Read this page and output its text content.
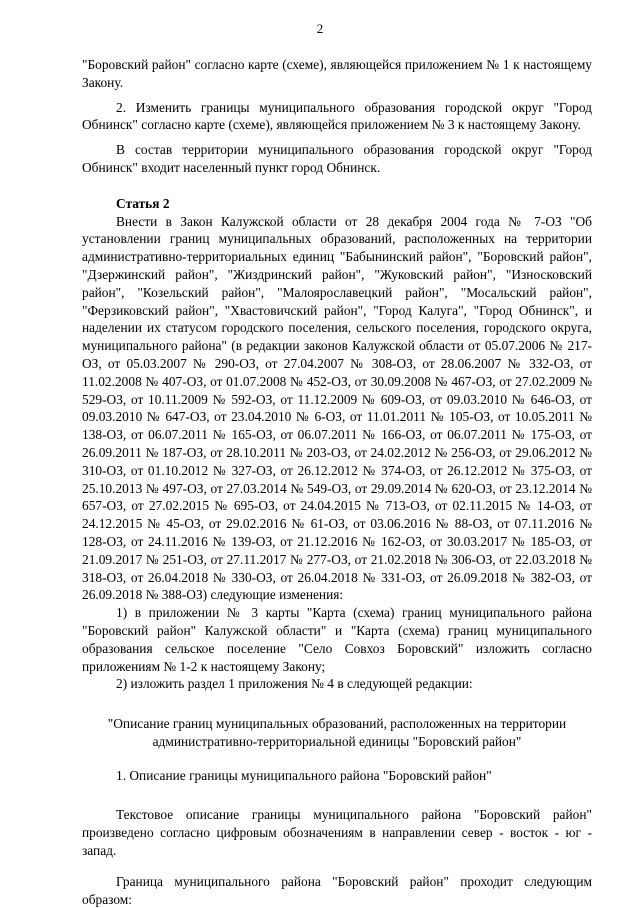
2

"Боровский район" согласно карте (схеме), являющейся приложением № 1 к настоящему Закону.

2. Изменить границы муниципального образования городской округ "Город Обнинск" согласно карте (схеме), являющейся приложением № 3 к настоящему Закону.

В состав территории муниципального образования городской округ "Город Обнинск" входит населенный пункт город Обнинск.

Статья 2

Внести в Закон Калужской области от 28 декабря 2004 года № 7-ОЗ "Об установлении границ муниципальных образований, расположенных на территории административно-территориальных единиц "Бабынинский район", "Боровский район", "Дзержинский район", "Жиздринский район", "Жуковский район", "Износковский район", "Козельский район", "Малоярославецкий район", "Мосальский район", "Ферзиковский район", "Хвастовичский район", "Город Калуга", "Город Обнинск", и наделении их статусом городского поселения, сельского поселения, городского округа, муниципального района" (в редакции законов Калужской области от 05.07.2006 № 217-ОЗ, от 05.03.2007 № 290-ОЗ, от 27.04.2007 № 308-ОЗ, от 28.06.2007 № 332-ОЗ, от 11.02.2008 № 407-ОЗ, от 01.07.2008 № 452-ОЗ, от 30.09.2008 № 467-ОЗ, от 27.02.2009 № 529-ОЗ, от 10.11.2009 № 592-ОЗ, от 11.12.2009 № 609-ОЗ, от 09.03.2010 № 646-ОЗ, от 09.03.2010 № 647-ОЗ, от 23.04.2010 № 6-ОЗ, от 11.01.2011 № 105-ОЗ, от 10.05.2011 № 138-ОЗ, от 06.07.2011 № 165-ОЗ, от 06.07.2011 № 166-ОЗ, от 06.07.2011 № 175-ОЗ, от 26.09.2011 № 187-ОЗ, от 28.10.2011 № 203-ОЗ, от 24.02.2012 № 256-ОЗ, от 29.06.2012 № 310-ОЗ, от 01.10.2012 № 327-ОЗ, от 26.12.2012 № 374-ОЗ, от 26.12.2012 № 375-ОЗ, от 25.10.2013 № 497-ОЗ, от 27.03.2014 № 549-ОЗ, от 29.09.2014 № 620-ОЗ, от 23.12.2014 № 657-ОЗ, от 27.02.2015 № 695-ОЗ, от 24.04.2015 № 713-ОЗ, от 02.11.2015 № 14-ОЗ, от 24.12.2015 № 45-ОЗ, от 29.02.2016 № 61-ОЗ, от 03.06.2016 № 88-ОЗ, от 07.11.2016 № 128-ОЗ, от 24.11.2016 № 139-ОЗ, от 21.12.2016 № 162-ОЗ, от 30.03.2017 № 185-ОЗ, от 21.09.2017 № 251-ОЗ, от 27.11.2017 № 277-ОЗ, от 21.02.2018 № 306-ОЗ, от 22.03.2018 № 318-ОЗ, от 26.04.2018 № 330-ОЗ, от 26.04.2018 № 331-ОЗ, от 26.09.2018 № 382-ОЗ, от 26.09.2018 № 388-ОЗ) следующие изменения:

1) в приложении № 3 карты "Карта (схема) границ муниципального района "Боровский район" Калужской области" и "Карта (схема) границ муниципального образования сельское поселение "Село Совхоз Боровский" изложить согласно приложениям № 1-2 к настоящему Закону;

2) изложить раздел 1 приложения № 4 в следующей редакции:

"Описание границ муниципальных образований, расположенных на территории административно-территориальной единицы "Боровский район"

1. Описание границы муниципального района "Боровский район"

Текстовое описание границы муниципального района "Боровский район" произведено согласно цифровым обозначениям в направлении север - восток - юг - запад.

Граница муниципального района "Боровский район" проходит следующим образом:
